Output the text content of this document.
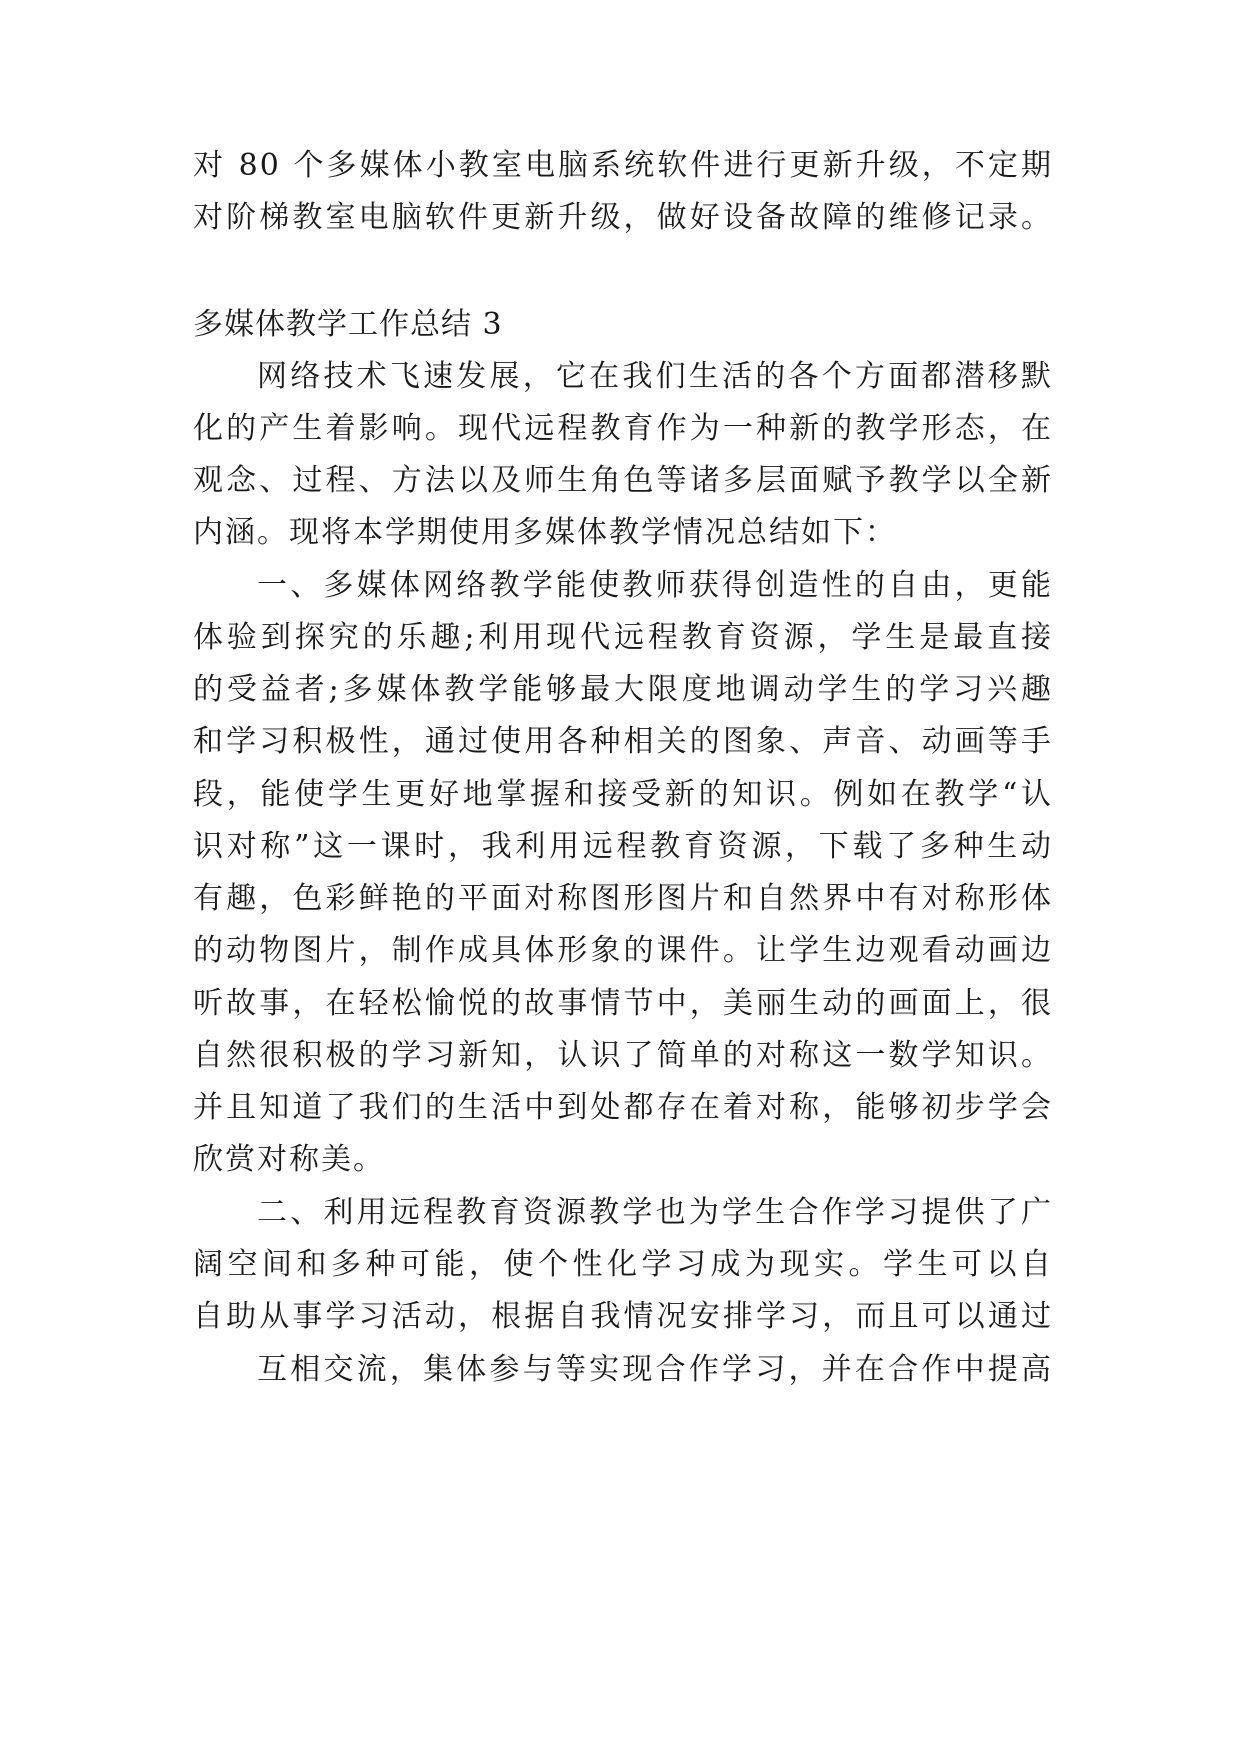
对 80 个多媒体小教室电脑系统软件进行更新升级，不定期
对阶梯教室电脑软件更新升级，做好设备故障的维修记录。
多媒体教学工作总结 3
网络技术飞速发展，它在我们生活的各个方面都潜移默
化的产生着影响。现代远程教育作为一种新的教学形态，在
观念、过程、方法以及师生角色等诸多层面赋予教学以全新
内涵。现将本学期使用多媒体教学情况总结如下：
一、多媒体网络教学能使教师获得创造性的自由，更能
体验到探究的乐趣;利用现代远程教育资源，学生是最直接
的受益者;多媒体教学能够最大限度地调动学生的学习兴趣
和学习积极性，通过使用各种相关的图象、声音、动画等手
段，能使学生更好地掌握和接受新的知识。例如在教学“认
识对称”这一课时，我利用远程教育资源，下载了多种生动
有趣，色彩鲜艳的平面对称图形图片和自然界中有对称形体
的动物图片，制作成具体形象的课件。让学生边观看动画边
听故事，在轻松愉悦的故事情节中，美丽生动的画面上，很
自然很积极的学习新知，认识了简单的对称这一数学知识。
并且知道了我们的生活中到处都存在着对称，能够初步学会
欣赏对称美。
二、利用远程教育资源教学也为学生合作学习提供了广
阔空间和多种可能，使个性化学习成为现实。学生可以自
自助从事学习活动，根据自我情况安排学习，而且可以通过
互相交流，集体参与等实现合作学习，并在合作中提高
